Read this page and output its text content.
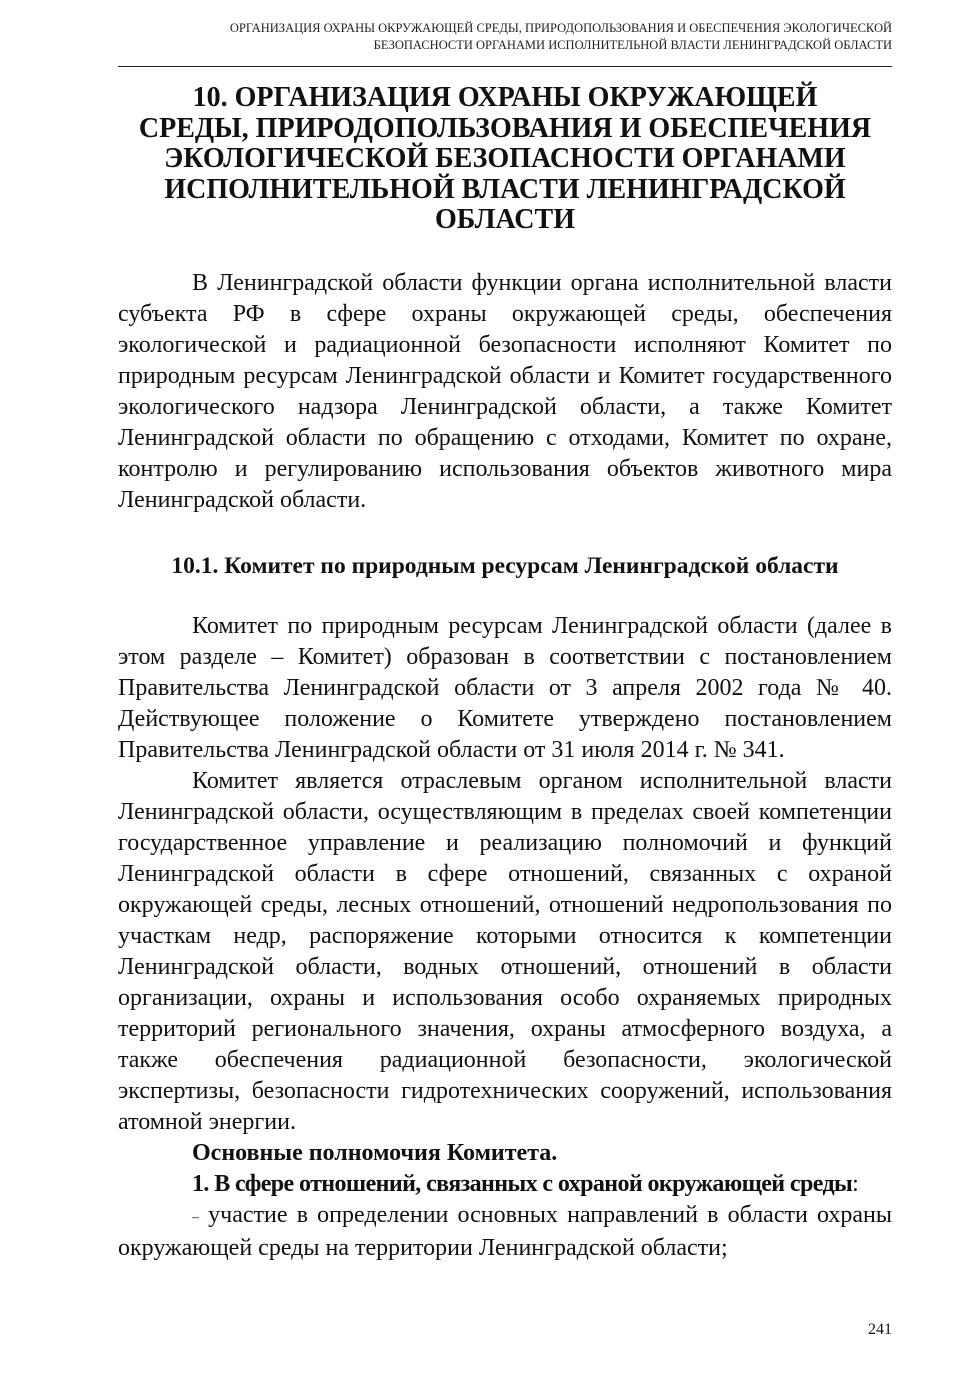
ОРГАНИЗАЦИЯ ОХРАНЫ ОКРУЖАЮЩЕЙ СРЕДЫ, ПРИРОДОПОЛЬЗОВАНИЯ И ОБЕСПЕЧЕНИЯ ЭКОЛОГИЧЕСКОЙ
БЕЗОПАСНОСТИ ОРГАНАМИ ИСПОЛНИТЕЛЬНОЙ ВЛАСТИ ЛЕНИНГРАДСКОЙ ОБЛАСТИ
10. ОРГАНИЗАЦИЯ ОХРАНЫ ОКРУЖАЮЩЕЙ
СРЕДЫ, ПРИРОДОПОЛЬЗОВАНИЯ И ОБЕСПЕЧЕНИЯ
ЭКОЛОГИЧЕСКОЙ БЕЗОПАСНОСТИ ОРГАНАМИ
ИСПОЛНИТЕЛЬНОЙ ВЛАСТИ ЛЕНИНГРАДСКОЙ
ОБЛАСТИ

В Ленинградской области функции органа исполнительной власти субъекта РФ в сфере охраны окружающей среды, обеспечения экологической и радиационной безопасности исполняют Комитет по природным ресурсам Ленинградской области и Комитет государственного экологического надзора Ленинградской области, а также Комитет Ленинградской области по обращению с отходами, Комитет по охране, контролю и регулированию использования объектов животного мира Ленинградской области.

10.1. Комитет по природным ресурсам Ленинградской области

Комитет по природным ресурсам Ленинградской области (далее в этом разделе – Комитет) образован в соответствии с постановлением Правительства Ленинградской области от 3 апреля 2002 года № 40. Действующее положение о Комитете утверждено постановлением Правительства Ленинградской области от 31 июля 2014 г. № 341.

Комитет является отраслевым органом исполнительной власти Ленинградской области, осуществляющим в пределах своей компетенции государственное управление и реализацию полномочий и функций Ленинградской области в сфере отношений, связанных с охраной окружающей среды, лесных отношений, отношений недропользования по участкам недр, распоряжение которыми относится к компетенции Ленинградской области, водных отношений, отношений в области организации, охраны и использования особо охраняемых природных территорий регионального значения, охраны атмосферного воздуха, а также обеспечения радиационной безопасности, экологической экспертизы, безопасности гидротехнических сооружений, использования атомной энергии.

Основные полномочия Комитета.

1. В сфере отношений, связанных с охраной окружающей среды:

– участие в определении основных направлений в области охраны окружающей среды на территории Ленинградской области;

241
